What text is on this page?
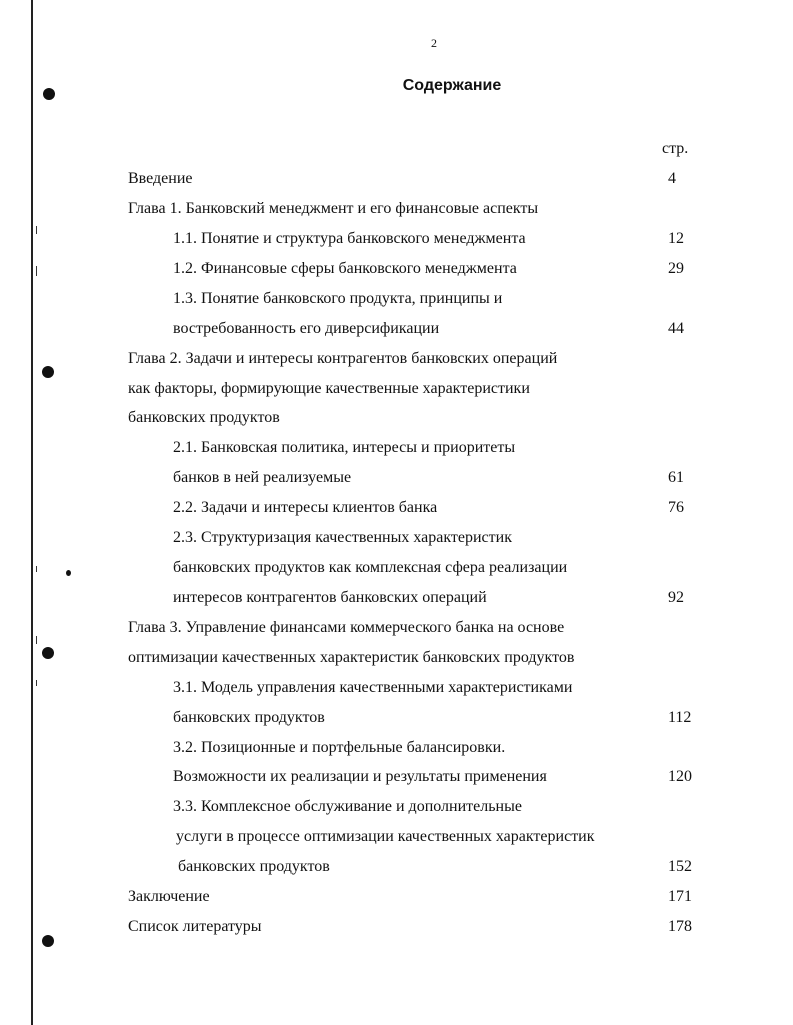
2
Содержание
стр.
Введение	4
Глава 1. Банковский менеджмент и его финансовые аспекты
1.1. Понятие и структура банковского менеджмента	12
1.2. Финансовые сферы банковского менеджмента	29
1.3. Понятие банковского продукта, принципы и
востребованность его диверсификации	44
Глава 2. Задачи и интересы контрагентов банковских операций
как факторы, формирующие качественные характеристики
банковских продуктов
2.1. Банковская политика, интересы и приоритеты
банков в ней реализуемые	61
2.2. Задачи и интересы клиентов банка	76
2.3. Структуризация качественных характеристик
банковских продуктов как комплексная сфера реализации
интересов контрагентов банковских операций	92
Глава 3. Управление финансами коммерческого банка на основе
оптимизации качественных характеристик банковских продуктов
3.1. Модель управления качественными характеристиками
банковских продуктов	112
3.2. Позиционные и портфельные балансировки.
Возможности их реализации и результаты применения	120
3.3. Комплексное обслуживание и дополнительные
услуги в процессе оптимизации качественных характеристик
банковских продуктов	152
Заключение	171
Список литературы	178
